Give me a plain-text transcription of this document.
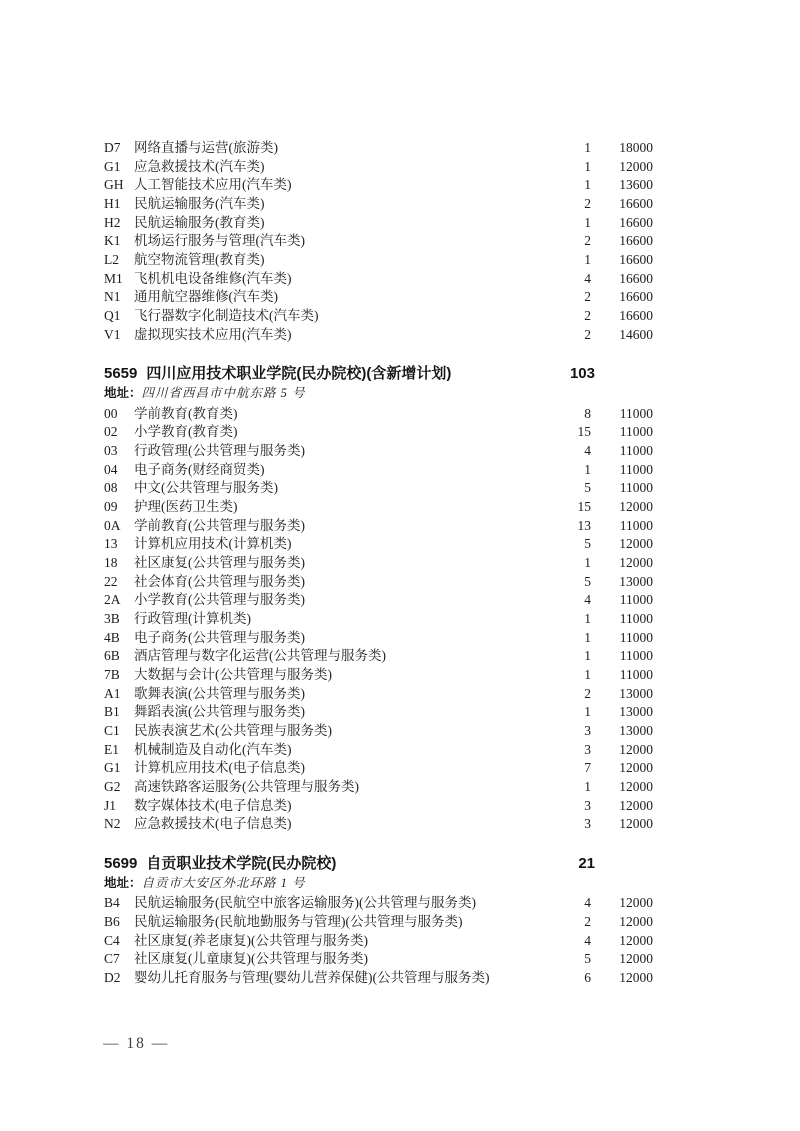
D7	网络直播与运营(旅游类)	1	18000
G1	应急救援技术(汽车类)	1	12000
GH 人工智能技术应用(汽车类)	1	13600
H1	民航运输服务(汽车类)	2	16600
H2	民航运输服务(教育类)	1	16600
K1	机场运行服务与管理(汽车类)	2	16600
L2	航空物流管理(教育类)	1	16600
M1 飞机机电设备维修(汽车类)	4	16600
N1	通用航空器维修(汽车类)	2	16600
Q1	飞行器数字化制造技术(汽车类)	2	16600
V1	虚拟现实技术应用(汽车类)	2	14600
5659 四川应用技术职业学院(民办院校)(含新增计划)	103
地址： 四川省西昌市中航东路 5 号
00	学前教育(教育类)	8	11000
02	小学教育(教育类)	15	11000
03	行政管理(公共管理与服务类)	4	11000
04	电子商务(财经商贸类)	1	11000
08	中文(公共管理与服务类)	5	11000
09	护理(医药卫生类)	15	12000
0A	学前教育(公共管理与服务类)	13	11000
13	计算机应用技术(计算机类)	5	12000
18	社区康复(公共管理与服务类)	1	12000
22	社会体育(公共管理与服务类)	5	13000
2A	小学教育(公共管理与服务类)	4	11000
3B	行政管理(计算机类)	1	11000
4B	电子商务(公共管理与服务类)	1	11000
6B	酒店管理与数字化运营(公共管理与服务类)	1	11000
7B	大数据与会计(公共管理与服务类)	1	11000
A1	歌舞表演(公共管理与服务类)	2	13000
B1	舞蹈表演(公共管理与服务类)	1	13000
C1	民族表演艺术(公共管理与服务类)	3	13000
E1	机械制造及自动化(汽车类)	3	12000
G1	计算机应用技术(电子信息类)	7	12000
G2	高速铁路客运服务(公共管理与服务类)	1	12000
J1	数字媒体技术(电子信息类)	3	12000
N2	应急救援技术(电子信息类)	3	12000
5699 自贡职业技术学院(民办院校)	21
地址： 自贡市大安区外北环路 1 号
B4	民航运输服务(民航空中旅客运输服务)(公共管理与服务类)	4	12000
B6	民航运输服务(民航地勤服务与管理)(公共管理与服务类)	2	12000
C4	社区康复(养老康复)(公共管理与服务类)	4	12000
C7	社区康复(儿童康复)(公共管理与服务类)	5	12000
D2	婴幼儿托育服务与管理(婴幼儿营养保健)(公共管理与服务类)	6	12000
— 18 —
